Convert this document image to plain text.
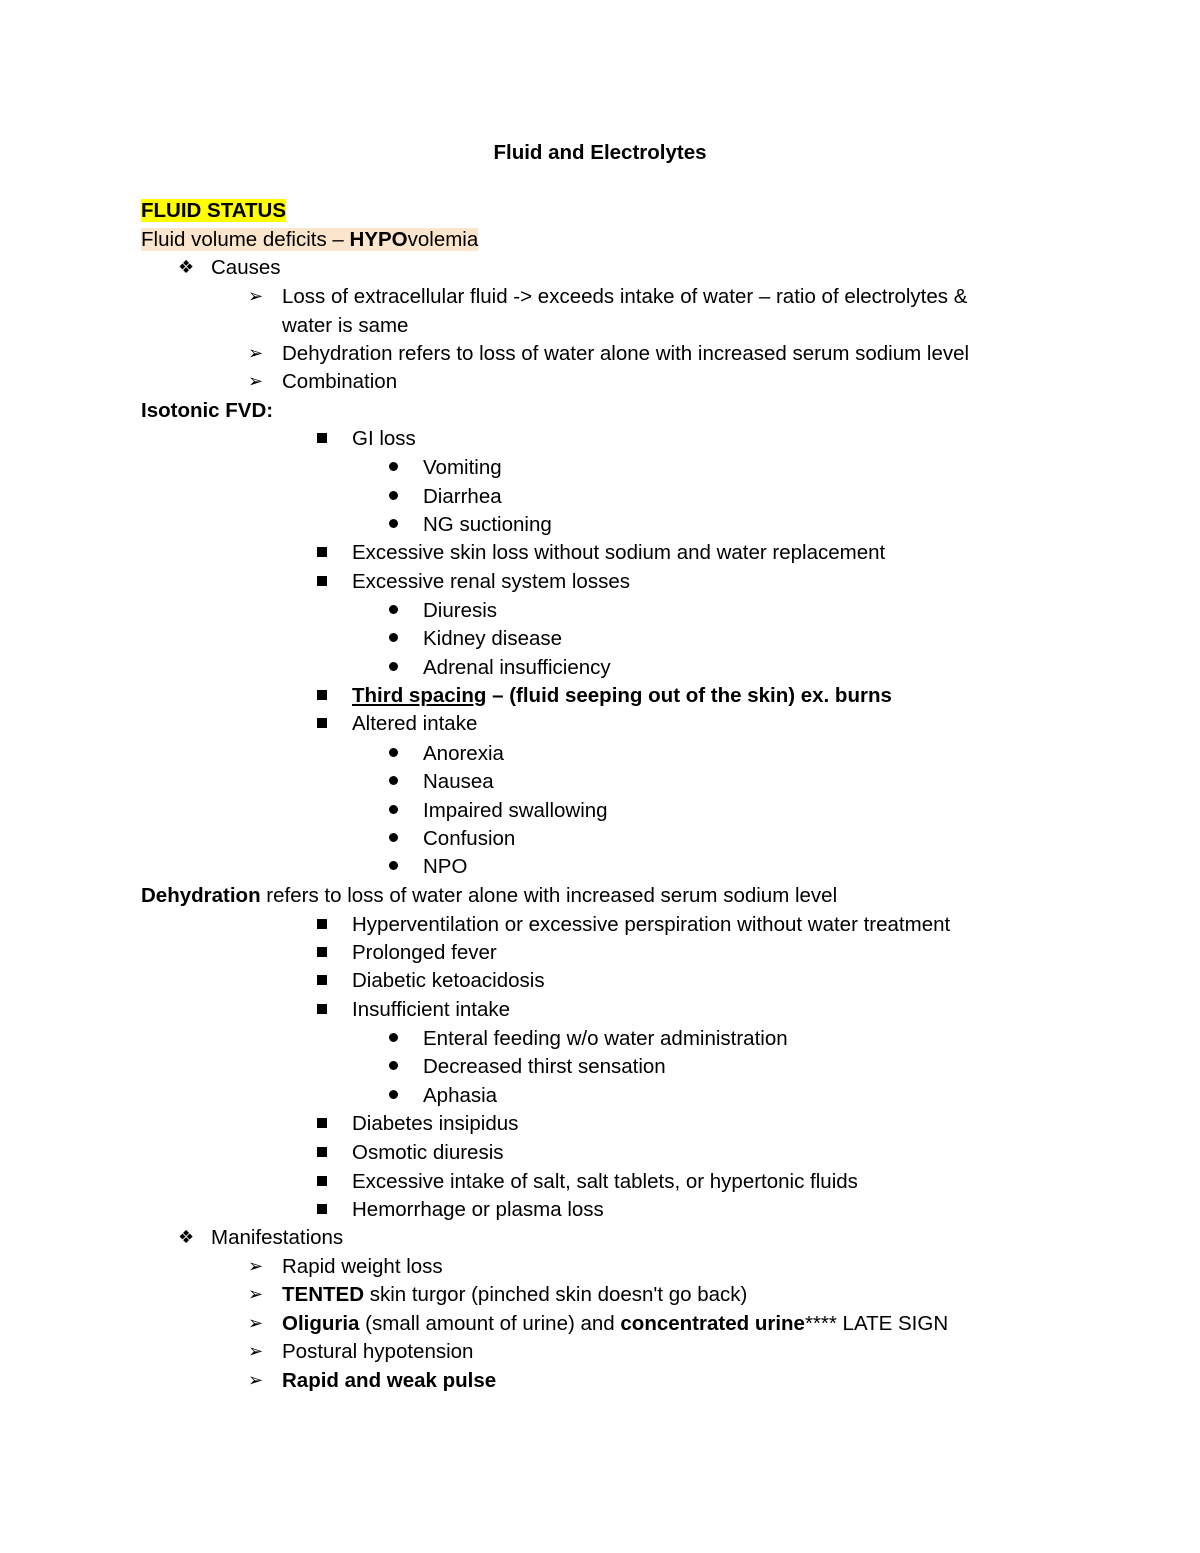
Fluid and Electrolytes
FLUID STATUS
Fluid volume deficits – HYPOvolemia
❖ Causes
➢ Loss of extracellular fluid -> exceeds intake of water – ratio of electrolytes &
water is same
➢ Dehydration refers to loss of water alone with increased serum sodium level
➢ Combination
Isotonic FVD:
GI loss
Vomiting
Diarrhea
NG suctioning
Excessive skin loss without sodium and water replacement
Excessive renal system losses
Diuresis
Kidney disease
Adrenal insufficiency
Third spacing – (fluid seeping out of the skin) ex. burns
Altered intake
Anorexia
Nausea
Impaired swallowing
Confusion
NPO
Dehydration refers to loss of water alone with increased serum sodium level
Hyperventilation or excessive perspiration without water treatment
Prolonged fever
Diabetic ketoacidosis
Insufficient intake
Enteral feeding w/o water administration
Decreased thirst sensation
Aphasia
Diabetes insipidus
Osmotic diuresis
Excessive intake of salt, salt tablets, or hypertonic fluids
Hemorrhage or plasma loss
❖ Manifestations
➢ Rapid weight loss
➢ TENTED skin turgor (pinched skin doesn't go back)
➢ Oliguria (small amount of urine) and concentrated urine**** LATE SIGN
➢ Postural hypotension
➢ Rapid and weak pulse
